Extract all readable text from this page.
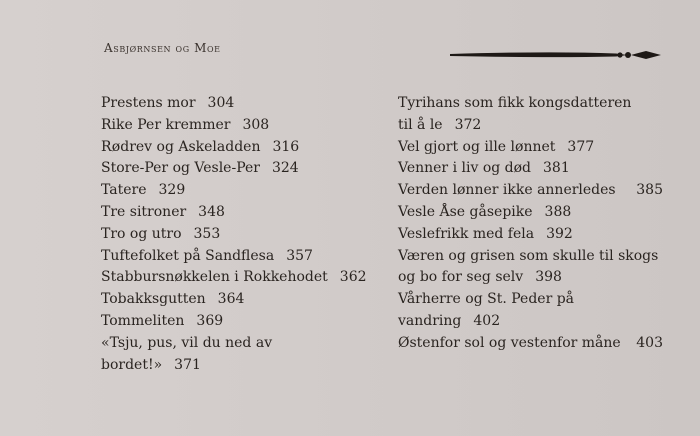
Asbjørnsen og Moe
Prestens mor 304
Rike Per kremmer 308
Rødrev og Askeladden 316
Store-Per og Vesle-Per 324
Tatere 329
Tre sitroner 348
Tro og utro 353
Tuftefolket på Sandflesa 357
Stabbursnøkkelen i Rokkehodet 362
Tobakksgutten 364
Tommeliten 369
«Tsju, pus, vil du ned av
bordet!» 371
Tyrihans som fikk kongsdatteren
til å le 372
Vel gjort og ille lønnet 377
Venner i liv og død 381
Verden lønner ikke annerledes 385
Vesle Åse gåsepike 388
Veslefrikk med fela 392
Væren og grisen som skulle til skogs
og bo for seg selv 398
Vårherre og St. Peder på
vandring 402
Østenfor sol og vestenfor måne 403
